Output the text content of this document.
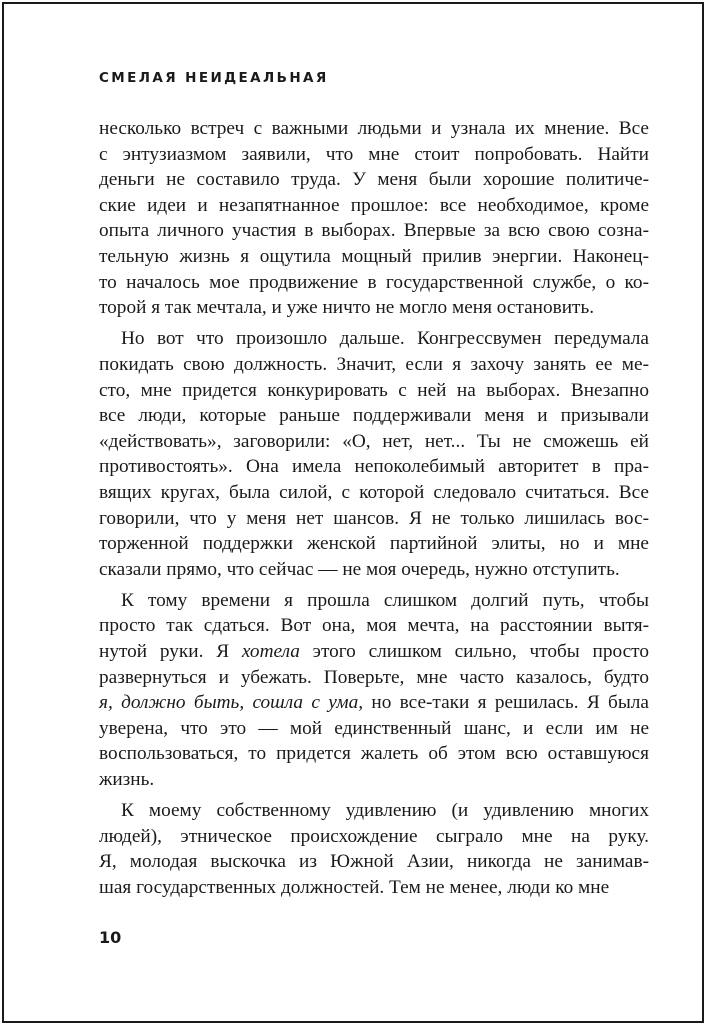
СМЕЛАЯ НЕИДЕАЛЬНАЯ
несколько встреч с важными людьми и узнала их мнение. Все
с энтузиазмом заявили, что мне стоит попробовать. Найти
деньги не составило труда. У меня были хорошие политиче-
ские идеи и незапятнанное прошлое: все необходимое, кроме
опыта личного участия в выборах. Впервые за всю свою созна-
тельную жизнь я ощутила мощный прилив энергии. Наконец-
то началось мое продвижение в государственной службе, о ко-
торой я так мечтала, и уже ничто не могло меня остановить.
Но вот что произошло дальше. Конгрессвумен передумала
покидать свою должность. Значит, если я захочу занять ее ме-
сто, мне придется конкурировать с ней на выборах. Внезапно
все люди, которые раньше поддерживали меня и призывали
«действовать», заговорили: «О, нет, нет... Ты не сможешь ей
противостоять». Она имела непоколебимый авторитет в пра-
вящих кругах, была силой, с которой следовало считаться. Все
говорили, что у меня нет шансов. Я не только лишилась вос-
торженной поддержки женской партийной элиты, но и мне
сказали прямо, что сейчас — не моя очередь, нужно отступить.
К тому времени я прошла слишком долгий путь, чтобы
просто так сдаться. Вот она, моя мечта, на расстоянии вытя-
нутой руки. Я хотела этого слишком сильно, чтобы просто
развернуться и убежать. Поверьте, мне часто казалось, будто
я, должно быть, сошла с ума, но все-таки я решилась. Я была
уверена, что это — мой единственный шанс, и если им не
воспользоваться, то придется жалеть об этом всю оставшуюся
жизнь.
К моему собственному удивлению (и удивлению многих
людей), этническое происхождение сыграло мне на руку.
Я, молодая выскочка из Южной Азии, никогда не занимав-
шая государственных должностей. Тем не менее, люди ко мне
10
